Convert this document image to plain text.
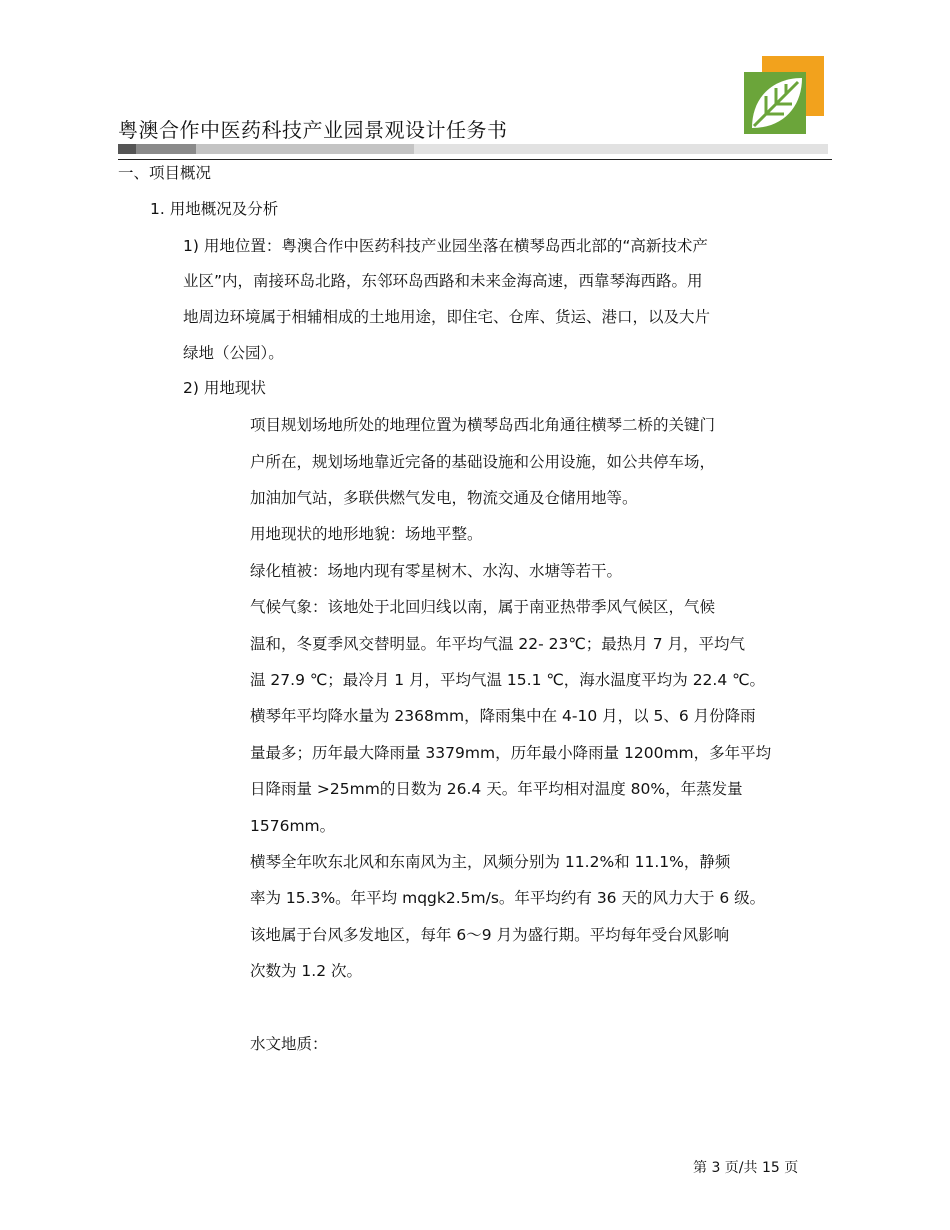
粤澳合作中医药科技产业园景观设计任务书
一、项目概况
1. 用地概况及分析
1) 用地位置：粤澳合作中医药科技产业园坐落在横琴岛西北部的“高新技术产
业区”内，南接环岛北路，东邻环岛西路和未来金海高速，西靠琴海西路。用
地周边环境属于相辅相成的土地用途，即住宅、仓库、货运、港口，以及大片
绿地（公园）。
2) 用地现状
项目规划场地所处的地理位置为横琴岛西北角通往横琴二桥的关键门
户所在，规划场地靠近完备的基础设施和公用设施，如公共停车场，
加油加气站，多联供燃气发电，物流交通及仓储用地等。
用地现状的地形地貌：场地平整。
绿化植被：场地内现有零星树木、水沟、水塘等若干。
气候气象：该地处于北回归线以南，属于南亚热带季风气候区，气候
温和，冬夏季风交替明显。年平均气温 22- 23℃；最热月 7 月，平均气
温 27.9 ℃；最冷月 1 月，平均气温 15.1 ℃，海水温度平均为 22.4 ℃。
横琴年平均降水量为 2368mm，降雨集中在 4-10 月，以 5、6 月份降雨
量最多；历年最大降雨量 3379mm，历年最小降雨量 1200mm，多年平均
日降雨量 >25mm的日数为 26.4 天。年平均相对温度 80%，年蒸发量
1576mm。
横琴全年吹东北风和东南风为主，风频分别为 11.2%和 11.1%，静频
率为 15.3%。年平均 mqgk2.5m/s。年平均约有 36 天的风力大于 6 级。
该地属于台风多发地区，每年 6～9 月为盛行期。平均每年受台风影响
次数为 1.2 次。
水文地质：
第 3 页/共 15 页
